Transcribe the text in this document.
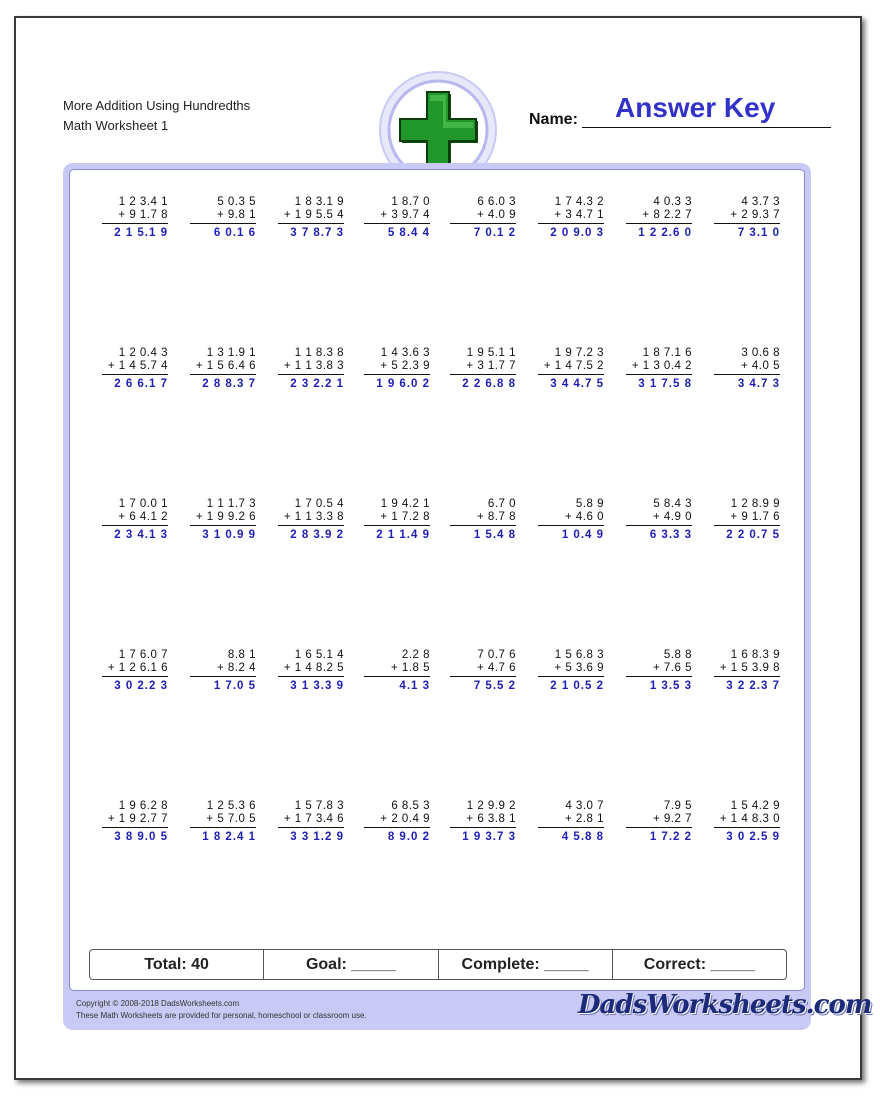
More Addition Using Hundredths
Math Worksheet 1	Name: Answer Key
1 2 3.4 1
+ 9 1.7 8
2 1 5.1 9
5 0.3 5
+ 9.8 1
6 0.1 6
1 8 3.1 9
+ 1 9 5.5 4
3 7 8.7 3
1 8.7 0
+ 3 9.7 4
5 8.4 4
6 6.0 3
+ 4.0 9
7 0.1 2
1 7 4.3 2
+ 3 4.7 1
2 0 9.0 3
4 0.3 3
+ 8 2.2 7
1 2 2.6 0
4 3.7 3
+ 2 9.3 7
7 3.1 0
1 2 0.4 3
+ 1 4 5.7 4
2 6 6.1 7
1 3 1.9 1
+ 1 5 6.4 6
2 8 8.3 7
1 1 8.3 8
+ 1 1 3.8 3
2 3 2.2 1
1 4 3.6 3
+ 5 2.3 9
1 9 6.0 2
1 9 5.1 1
+ 3 1.7 7
2 2 6.8 8
1 9 7.2 3
+ 1 4 7.5 2
3 4 4.7 5
1 8 7.1 6
+ 1 3 0.4 2
3 1 7.5 8
3 0.6 8
+ 4.0 5
3 4.7 3
1 7 0.0 1
+ 6 4.1 2
2 3 4.1 3
1 1 1.7 3
+ 1 9 9.2 6
3 1 0.9 9
1 7 0.5 4
+ 1 1 3.3 8
2 8 3.9 2
1 9 4.2 1
+ 1 7.2 8
2 1 1.4 9
6.7 0
+ 8.7 8
1 5.4 8
5.8 9
+ 4.6 0
1 0.4 9
5 8.4 3
+ 4.9 0
6 3.3 3
1 2 8.9 9
+ 9 1.7 6
2 2 0.7 5
1 7 6.0 7
+ 1 2 6.1 6
3 0 2.2 3
8.8 1
+ 8.2 4
1 7.0 5
1 6 5.1 4
+ 1 4 8.2 5
3 1 3.3 9
2.2 8
+ 1.8 5
4.1 3
7 0.7 6
+ 4.7 6
7 5.5 2
1 5 6.8 3
+ 5 3.6 9
2 1 0.5 2
5.8 8
+ 7.6 5
1 3.5 3
1 6 8.3 9
+ 1 5 3.9 8
3 2 2.3 7
1 9 6.2 8
+ 1 9 2.7 7
3 8 9.0 5
1 2 5.3 6
+ 5 7.0 5
1 8 2.4 1
1 5 7.8 3
+ 1 7 3.4 6
3 3 1.2 9
6 8.5 3
+ 2 0.4 9
8 9.0 2
1 2 9.9 2
+ 6 3.8 1
1 9 3.7 3
4 3.0 7
+ 2.8 1
4 5.8 8
7.9 5
+ 9.2 7
1 7.2 2
1 5 4.2 9
+ 1 4 8.3 0
3 0 2.5 9
Total: 40	Goal: _____	Complete: _____	Correct: _____
Copyright © 2008-2018 DadsWorksheets.com
These Math Worksheets are provided for personal, homeschool or classroom use.	DadsWorksheets.com
